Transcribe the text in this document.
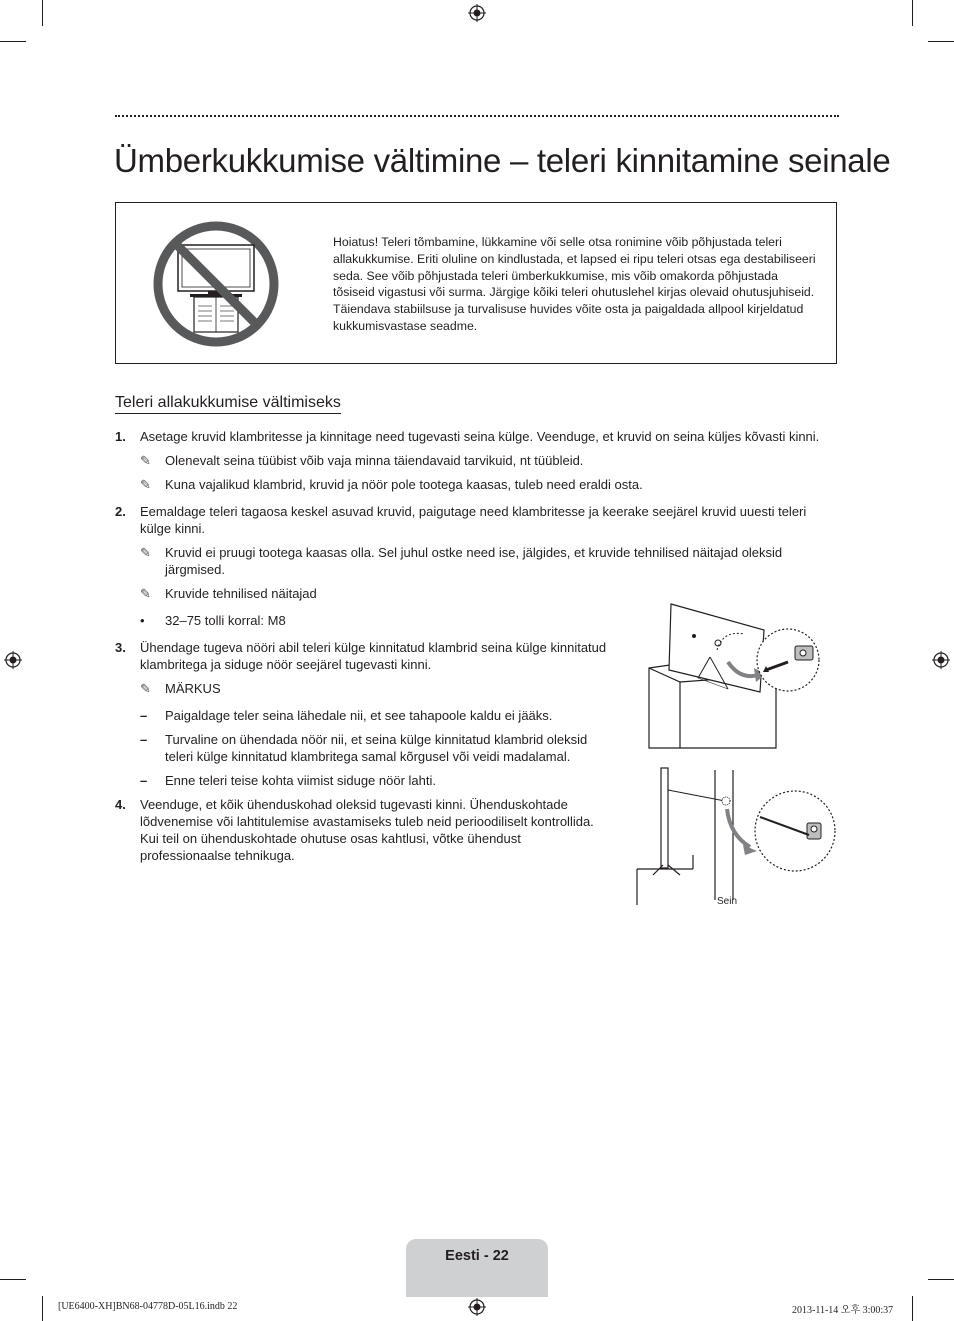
Ümberkukkumise vältimine – teleri kinnitamine seinale
Hoiatus! Teleri tõmbamine, lükkamine või selle otsa ronimine võib põhjustada teleri allakukkumise. Eriti oluline on kindlustada, et lapsed ei ripu teleri otsas ega destabiliseeri seda. See võib põhjustada teleri ümberkukkumise, mis võib omakorda põhjustada tõsiseid vigastusi või surma. Järgige kõiki teleri ohutuslehel kirjas olevaid ohutusjuhiseid. Täiendava stabiilsuse ja turvalisuse huvides võite osta ja paigaldada allpool kirjeldatud kukkumisvastase seadme.
Teleri allakukkumise vältimiseks
1. Asetage kruvid klambritesse ja kinnitage need tugevasti seina külge. Veenduge, et kruvid on seina küljes kõvasti kinni.
✎ Olenevalt seina tüübist võib vaja minna täiendavaid tarvikuid, nt tüübleid.
✎ Kuna vajalikud klambrid, kruvid ja nöör pole tootega kaasas, tuleb need eraldi osta.
2. Eemaldage teleri tagaosa keskel asuvad kruvid, paigutage need klambritesse ja keerake seejärel kruvid uuesti teleri külge kinni.
✎ Kruvid ei pruugi tootega kaasas olla. Sel juhul ostke need ise, jälgides, et kruvide tehnilised näitajad oleksid järgmised.
✎ Kruvide tehnilised näitajad
• 32–75 tolli korral: M8
3. Ühendage tugeva nööri abil teleri külge kinnitatud klambrid seina külge kinnitatud klambritega ja siduge nöör seejärel tugevasti kinni.
✎ MÄRKUS
– Paigaldage teler seina lähedale nii, et see tahapoole kaldu ei jääks.
– Turvaline on ühendada nöör nii, et seina külge kinnitatud klambrid oleksid teleri külge kinnitatud klambritega samal kõrgusel või veidi madalamal.
– Enne teleri teise kohta viimist siduge nöör lahti.
4. Veenduge, et kõik ühenduskohad oleksid tugevasti kinni. Ühenduskohtade lõdvenemise või lahtitulemise avastamiseks tuleb neid perioodiliselt kontrollida. Kui teil on ühenduskohtade ohutuse osas kahtlusi, võtke ühendust professionaalse tehnikuga.
Sein
Eesti - 22
[UE6400-XH]BN68-04778D-05L16.indb 22	2013-11-14 오후 3:00:37
